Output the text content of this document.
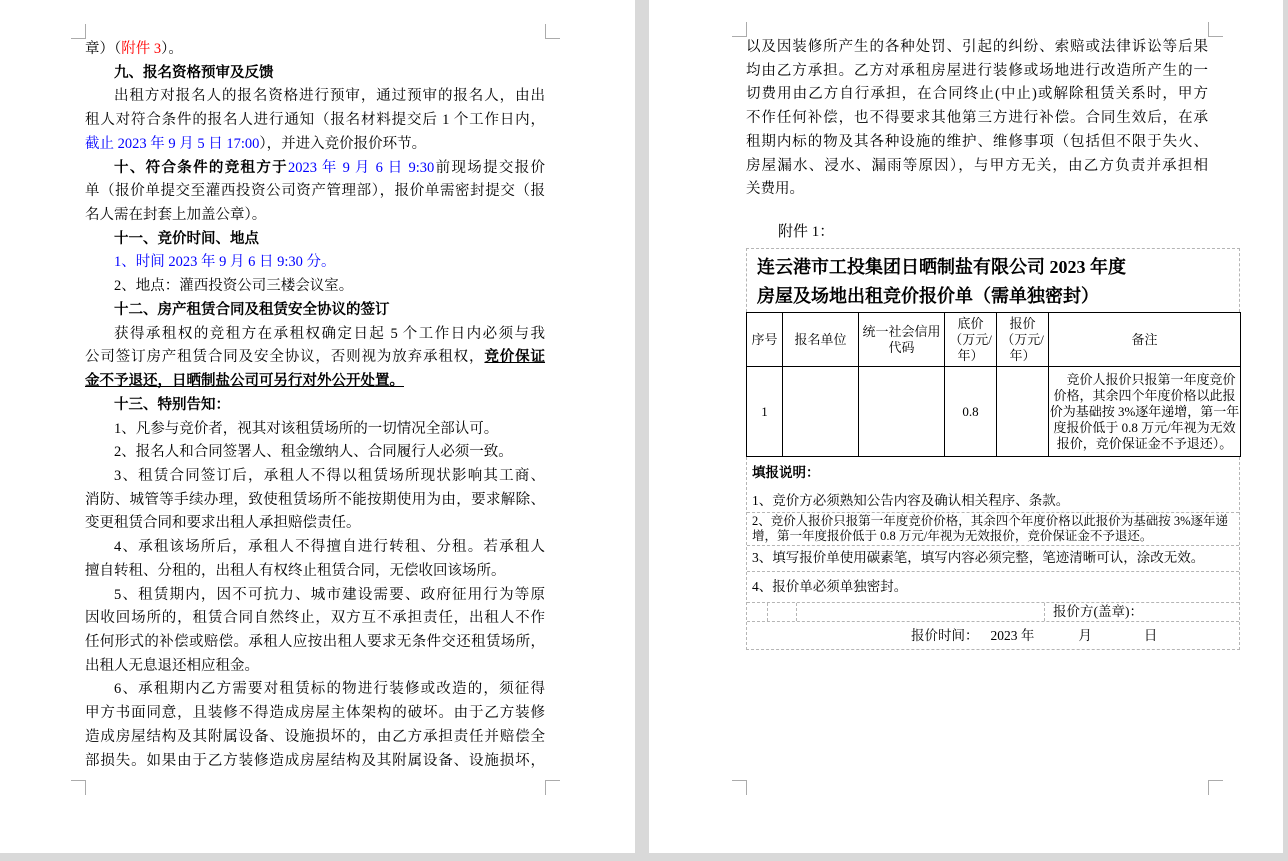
章）（附件 3）。
九、报名资格预审及反馈
出租方对报名人的报名资格进行预审，通过预审的报名人，由出
租人对符合条件的报名人进行通知（报名材料提交后 1 个工作日内，
截止 2023 年 9 月 5 日 17:00），并进入竞价报价环节。
十、符合条件的竞租方于2023 年 9 月 6 日 9:30前现场提交报价
单（报价单提交至灌西投资公司资产管理部），报价单需密封提交（报
名人需在封套上加盖公章）。
十一、竞价时间、地点
1、时间 2023 年 9 月 6 日 9:30 分。
2、地点：灌西投资公司三楼会议室。
十二、房产租赁合同及租赁安全协议的签订
获得承租权的竞租方在承租权确定日起 5 个工作日内必须与我
公司签订房产租赁合同及安全协议，否则视为放弃承租权，竞价保证
金不予退还，日晒制盐公司可另行对外公开处置。
十三、特别告知：
1、凡参与竞价者，视其对该租赁场所的一切情况全部认可。
2、报名人和合同签署人、租金缴纳人、合同履行人必须一致。
3、租赁合同签订后，承租人不得以租赁场所现状影响其工商、
消防、城管等手续办理，致使租赁场所不能按期使用为由，要求解除、
变更租赁合同和要求出租人承担赔偿责任。
4、承租该场所后，承租人不得擅自进行转租、分租。若承租人
擅自转租、分租的，出租人有权终止租赁合同，无偿收回该场所。
5、租赁期内，因不可抗力、城市建设需要、政府征用行为等原
因收回场所的，租赁合同自然终止，双方互不承担责任，出租人不作
任何形式的补偿或赔偿。承租人应按出租人要求无条件交还租赁场所，
出租人无息退还相应租金。
6、承租期内乙方需要对租赁标的物进行装修或改造的，须征得
甲方书面同意，且装修不得造成房屋主体架构的破坏。由于乙方装修
造成房屋结构及其附属设备、设施损坏的，由乙方承担责任并赔偿全
部损失。如果由于乙方装修造成房屋结构及其附属设备、设施损坏，
以及因装修所产生的各种处罚、引起的纠纷、索赔或法律诉讼等后果
均由乙方承担。乙方对承租房屋进行装修或场地进行改造所产生的一
切费用由乙方自行承担，在合同终止(中止)或解除租赁关系时，甲方
不作任何补偿，也不得要求其他第三方进行补偿。合同生效后，在承
租期内标的物及其各种设施的维护、维修事项（包括但不限于失火、
房屋漏水、浸水、漏雨等原因），与甲方无关，由乙方负责并承担相
关费用。
附件 1：
连云港市工投集团日晒制盐有限公司 2023 年度
房屋及场地出租竞价报价单（需单独密封）
序号	报名单位	统一社会信用代码	底价（万元/年）	报价（万元/年）	备注
1			0.8		竞价人报价只报第一年度竞价价格，其余四个年度价格以此报价为基础按 3%逐年递增，第一年度报价低于 0.8 万元/年视为无效报价，竞价保证金不予退还）。
填报说明：
1、竞价方必须熟知公告内容及确认相关程序、条款。
2、竞价人报价只报第一年度竞价价格，其余四个年度价格以此报价为基础按 3%逐年递增，第一年度报价低于 0.8 万元/年视为无效报价，竞价保证金不予退还。
3、填写报价单使用碳素笔，填写内容必须完整，笔迹清晰可认，涂改无效。
4、报价单必须单独密封。
报价方(盖章)：
报价时间： 2023 年	月	日
